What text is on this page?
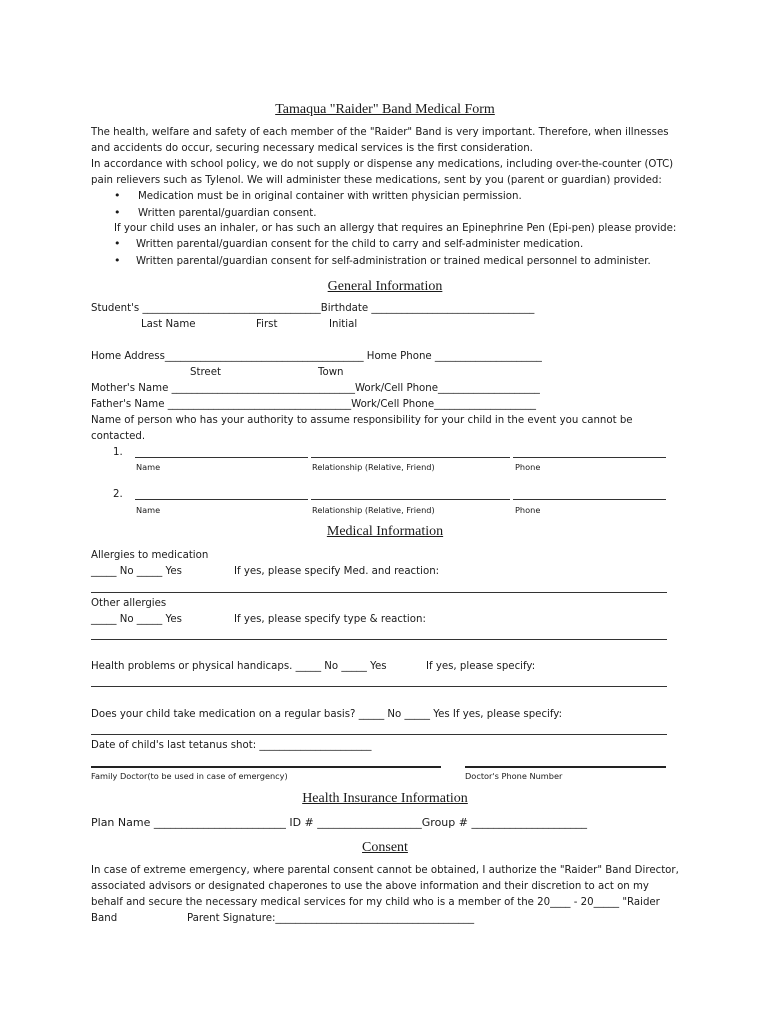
Tamaqua "Raider" Band Medical Form
The health, welfare and safety of each member of the "Raider" Band is very important. Therefore, when illnesses
and accidents do occur, securing necessary medical services is the first consideration.
In accordance with school policy, we do not supply or dispense any medications, including over-the-counter (OTC)
pain relievers such as Tylenol. We will administer these medications, sent by you (parent or guardian) provided:
• Medication must be in original container with written physician permission.
• Written parental/guardian consent.
If your child uses an inhaler, or has such an allergy that requires an Epinephrine Pen (Epi-pen) please provide:
• Written parental/guardian consent for the child to carry and self-administer medication.
• Written parental/guardian consent for self-administration or trained medical personnel to administer.
General Information
Student's ___________________________________Birthdate ________________________________
Last Name	First	Initial
Home Address_______________________________________ Home Phone _____________________
Street	Town
Mother's Name ____________________________________Work/Cell Phone____________________
Father's Name ____________________________________Work/Cell Phone____________________
Name of person who has your authority to assume responsibility for your child in the event you cannot be
contacted.
1.
Name	Relationship (Relative, Friend)	Phone
2.
Name	Relationship (Relative, Friend)	Phone
Medical Information
Allergies to medication
_____ No _____ Yes	If yes, please specify Med. and reaction:
Other allergies
_____ No _____ Yes	If yes, please specify type & reaction:
Health problems or physical handicaps. _____ No _____ Yes	If yes, please specify:
Does your child take medication on a regular basis? _____ No _____ Yes If yes, please specify:
Date of child's last tetanus shot: ______________________
Family Doctor(to be used in case of emergency)	Doctor's Phone Number
Health Insurance Information
Plan Name ________________________ ID # ___________________Group # _____________________
Consent
In case of extreme emergency, where parental consent cannot be obtained, I authorize the "Raider" Band Director,
associated advisors or designated chaperones to use the above information and their discretion to act on my
behalf and secure the necessary medical services for my child who is a member of the 20____ - 20_____ "Raider
Band	Parent Signature:_______________________________________
